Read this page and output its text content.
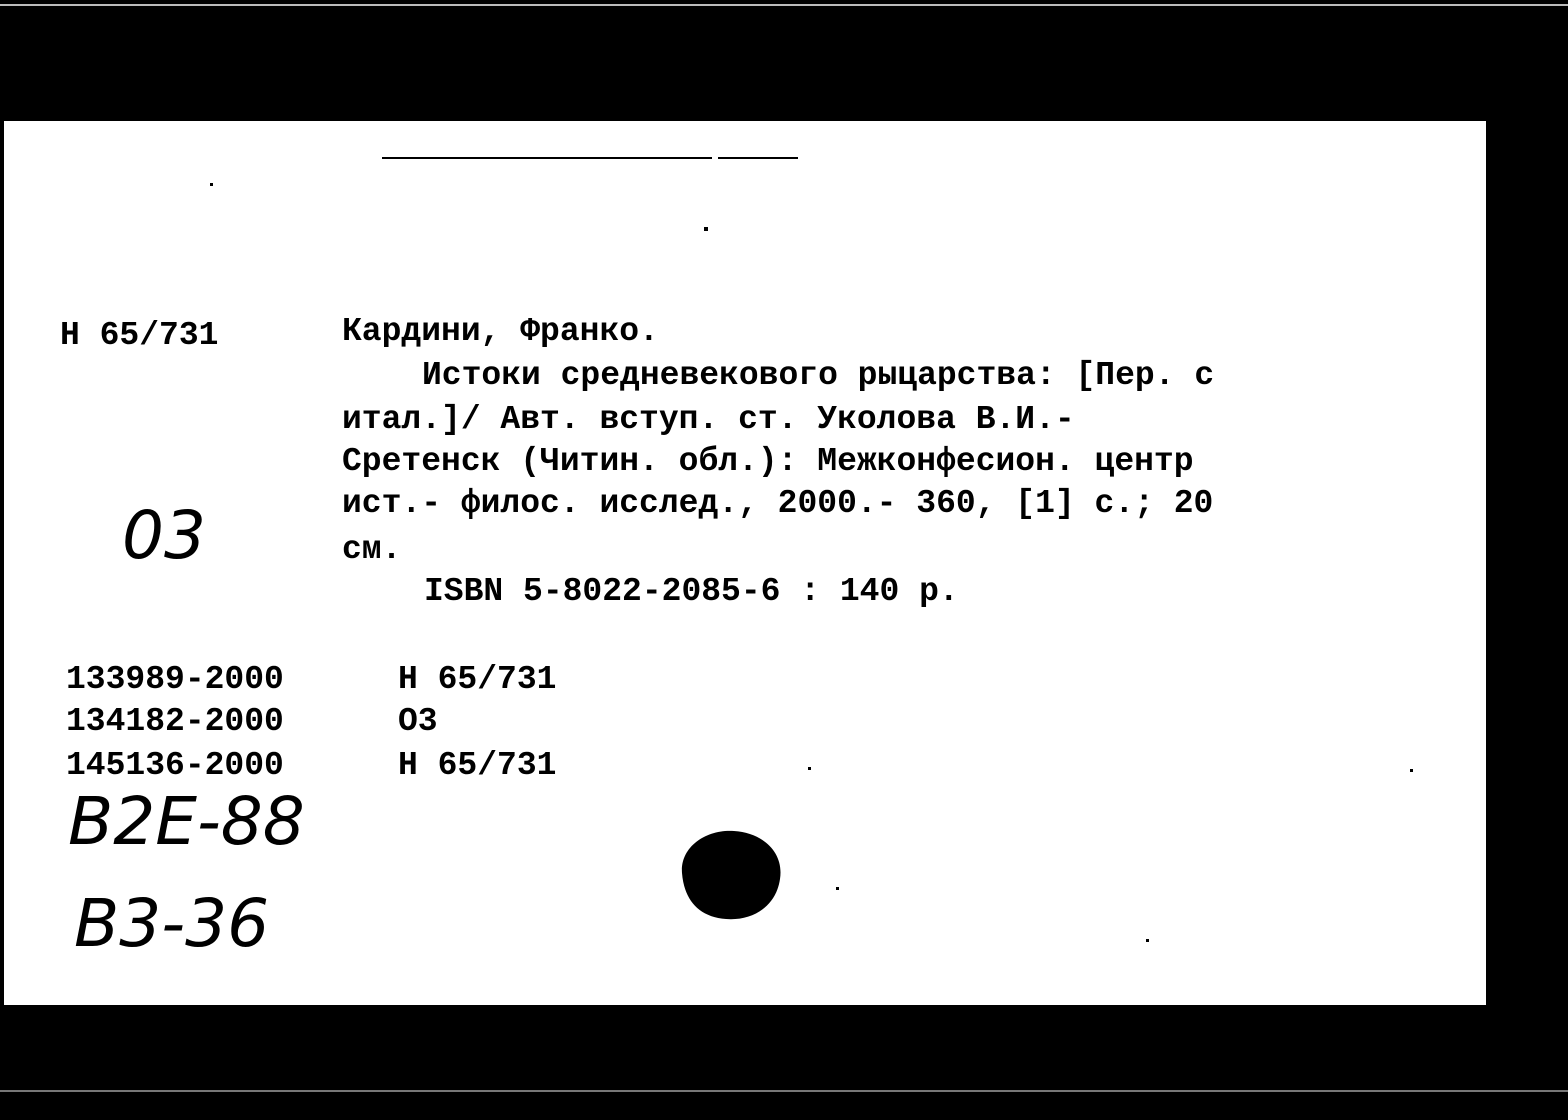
Н 65/731	Кардини, Франко.
Истоки средневекового рыцарства: [Пер. с
итал.]/ Авт. вступ. ст. Уколова В.И.-
Сретенск (Читин. обл.): Межконфесион. центр
ист.- филос. исслед., 2000.- 360, [1] с.; 20
см.
ISBN 5-8022-2085-6 : 140 р.
03
133989-2000	Н 65/731
134182-2000	О3
145136-2000	Н 65/731
В2Е-88
В3-36
